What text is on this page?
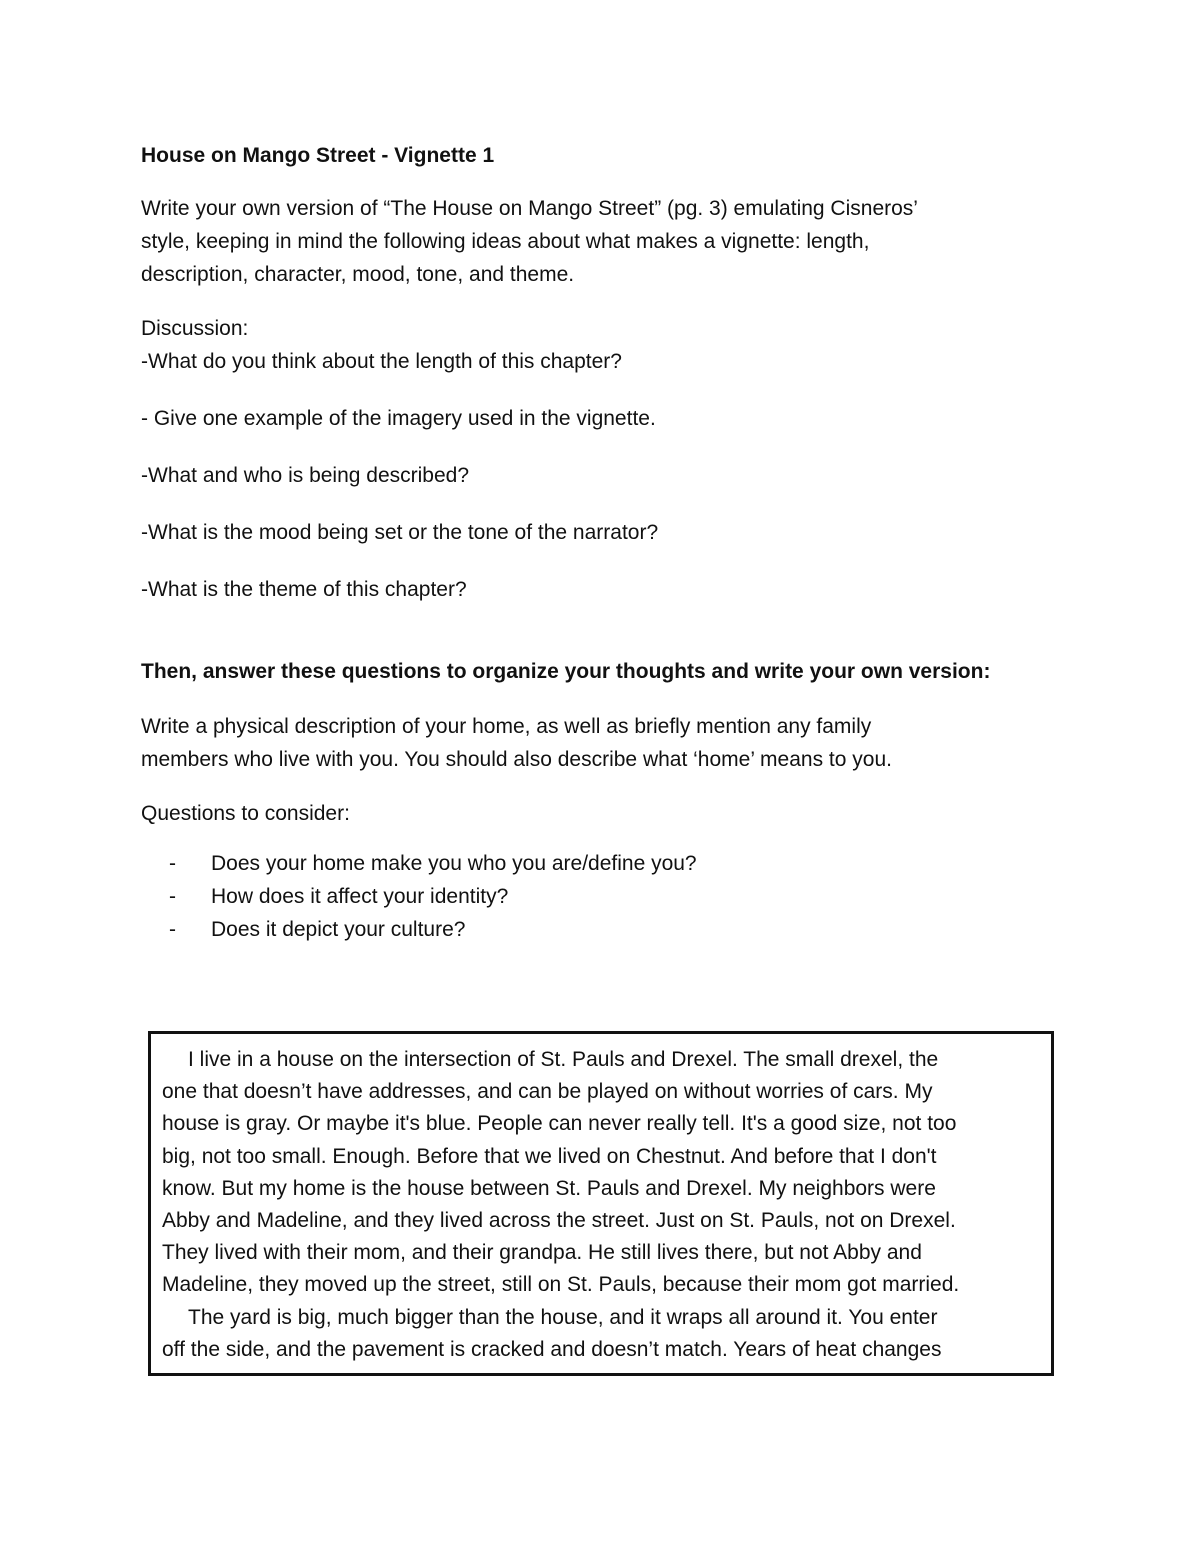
House on Mango Street - Vignette 1
Write your own version of “The House on Mango Street” (pg. 3) emulating Cisneros’
style, keeping in mind the following ideas about what makes a vignette: length,
description, character, mood, tone, and theme.

Discussion:

-What do you think about the length of this chapter?

- Give one example of the imagery used in the vignette.

-What and who is being described?

-What is the mood being set or the tone of the narrator?

-What is the theme of this chapter?

Then, answer these questions to organize your thoughts and write your own version:

Write a physical description of your home, as well as briefly mention any family
members who live with you. You should also describe what ‘home’ means to you.

Questions to consider:

- Does your home make you who you are/define you?
- How does it affect your identity?
- Does it depict your culture?

I live in a house on the intersection of St. Pauls and Drexel. The small drexel, the

one that doesn’t have addresses, and can be played on without worries of cars. My

house is gray. Or maybe it's blue. People can never really tell. It's a good size, not too

big, not too small. Enough. Before that we lived on Chestnut. And before that I don't

know. But my home is the house between St. Pauls and Drexel. My neighbors were

Abby and Madeline, and they lived across the street. Just on St. Pauls, not on Drexel.

They lived with their mom, and their grandpa. He still lives there, but not Abby and

Madeline, they moved up the street, still on St. Pauls, because their mom got married.

The yard is big, much bigger than the house, and it wraps all around it. You enter

off the side, and the pavement is cracked and doesn’t match. Years of heat changes
